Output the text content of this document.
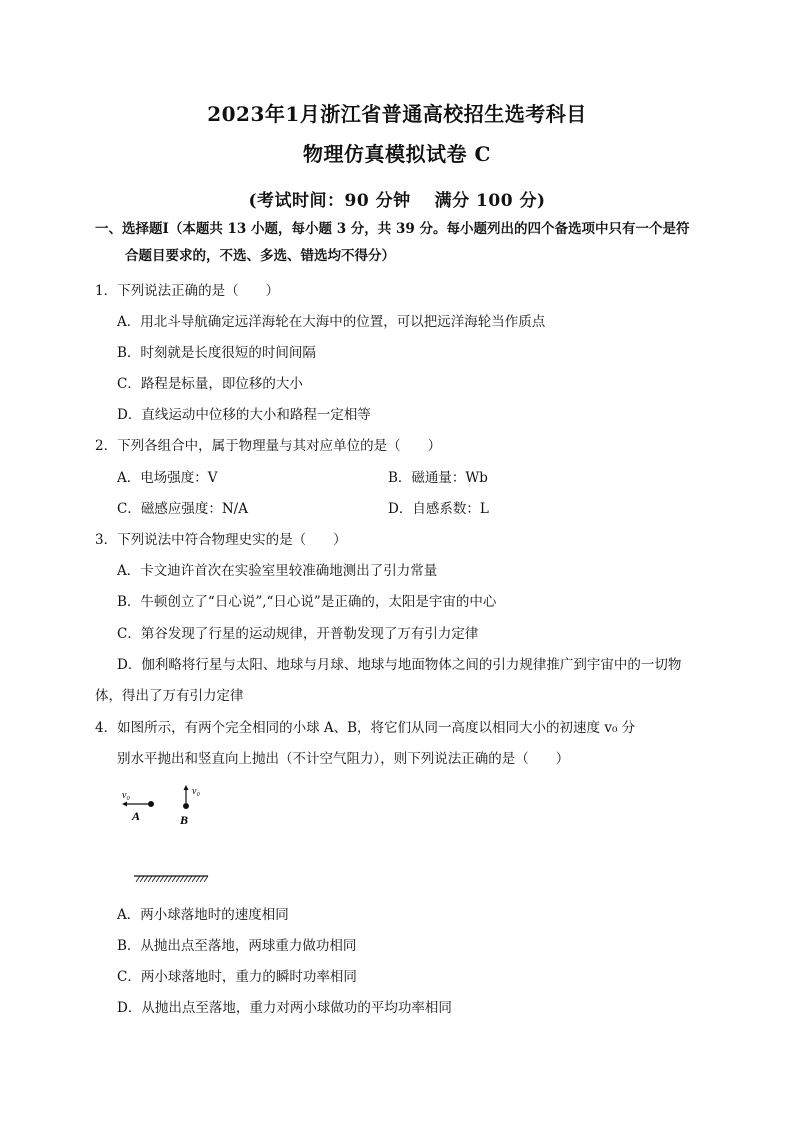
2023年1月浙江省普通高校招生选考科目
物理仿真模拟试卷 C
(考试时间：90 分钟 满分 100 分)
一、选择题Ⅰ（本题共 13 小题，每小题 3 分，共 39 分。每小题列出的四个备选项中只有一个是符
合题目要求的，不选、多选、错选均不得分）
1．下列说法正确的是（　　）
A．用北斗导航确定远洋海轮在大海中的位置，可以把远洋海轮当作质点
B．时刻就是长度很短的时间间隔
C．路程是标量，即位移的大小
D．直线运动中位移的大小和路程一定相等
2．下列各组合中，属于物理量与其对应单位的是（　　）
A．电场强度：V	B．磁通量：Wb
C．磁感应强度：N/A	D．自感系数：L
3．下列说法中符合物理史实的是（　　）
A．卡文迪许首次在实验室里较准确地测出了引力常量
B．牛顿创立了“日心说”,“日心说”是正确的，太阳是宇宙的中心
C．第谷发现了行星的运动规律，开普勒发现了万有引力定律
D．伽利略将行星与太阳、地球与月球、地球与地面物体之间的引力规律推广到宇宙中的一切物
体，得出了万有引力定律
4．如图所示，有两个完全相同的小球 A、B，将它们从同一高度以相同大小的初速度 v₀ 分
别水平抛出和竖直向上抛出（不计空气阻力），则下列说法正确的是（　　）
v₀
A
v₀
B
A．两小球落地时的速度相同
B．从抛出点至落地，两球重力做功相同
C．两小球落地时，重力的瞬时功率相同
D．从抛出点至落地，重力对两小球做功的平均功率相同
